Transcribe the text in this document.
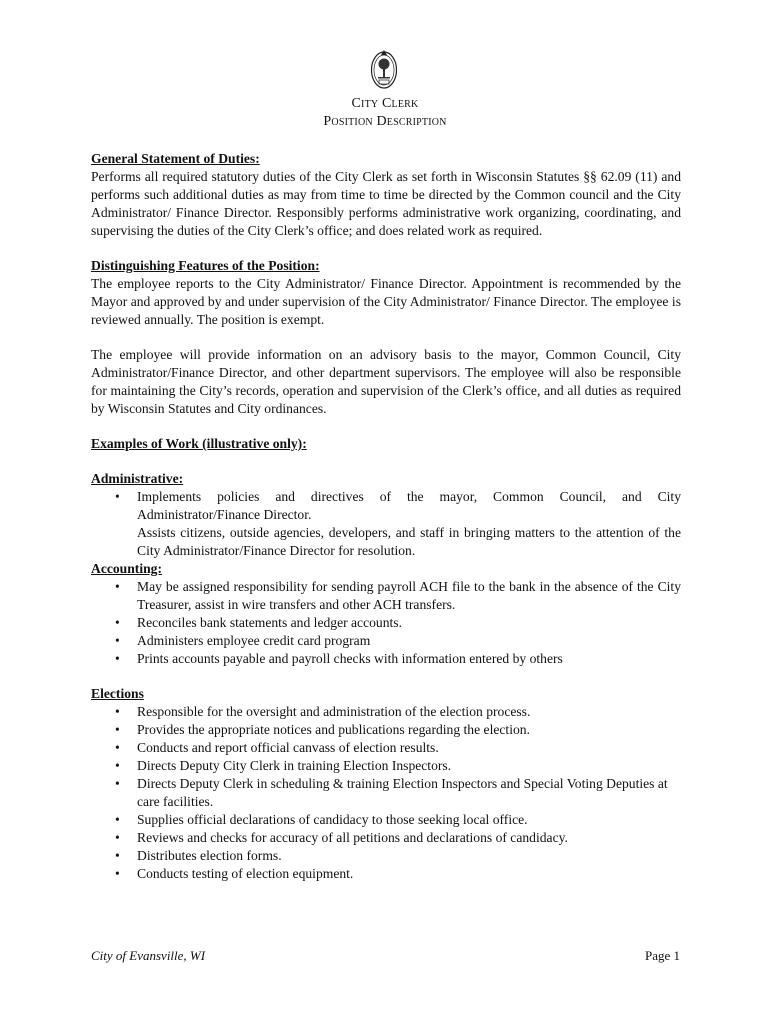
City Clerk
Position Description

General Statement of Duties:

Performs all required statutory duties of the City Clerk as set forth in Wisconsin Statutes §§ 62.09 (11) and performs such additional duties as may from time to time be directed by the Common council and the City Administrator/ Finance Director. Responsibly performs administrative work organizing, coordinating, and supervising the duties of the City Clerk’s office; and does related work as required.

Distinguishing Features of the Position:

The employee reports to the City Administrator/ Finance Director. Appointment is recommended by the Mayor and approved by and under supervision of the City Administrator/ Finance Director. The employee is reviewed annually. The position is exempt.

The employee will provide information on an advisory basis to the mayor, Common Council, City Administrator/Finance Director, and other department supervisors. The employee will also be responsible for maintaining the City’s records, operation and supervision of the Clerk’s office, and all duties as required by Wisconsin Statutes and City ordinances.

Examples of Work (illustrative only):

Administrative:

• Implements policies and directives of the mayor, Common Council, and City Administrator/Finance Director.

Assists citizens, outside agencies, developers, and staff in bringing matters to the attention of the City Administrator/Finance Director for resolution.

Accounting:

• May be assigned responsibility for sending payroll ACH file to the bank in the absence of the City Treasurer, assist in wire transfers and other ACH transfers.
• Reconciles bank statements and ledger accounts.
• Administers employee credit card program
• Prints accounts payable and payroll checks with information entered by others

Elections

• Responsible for the oversight and administration of the election process.
• Provides the appropriate notices and publications regarding the election.
• Conducts and report official canvass of election results.
• Directs Deputy City Clerk in training Election Inspectors.
• Directs Deputy Clerk in scheduling & training Election Inspectors and Special Voting Deputies at care facilities.
• Supplies official declarations of candidacy to those seeking local office.
• Reviews and checks for accuracy of all petitions and declarations of candidacy.
• Distributes election forms.
• Conducts testing of election equipment.
City of Evansville, WI	Page 1
